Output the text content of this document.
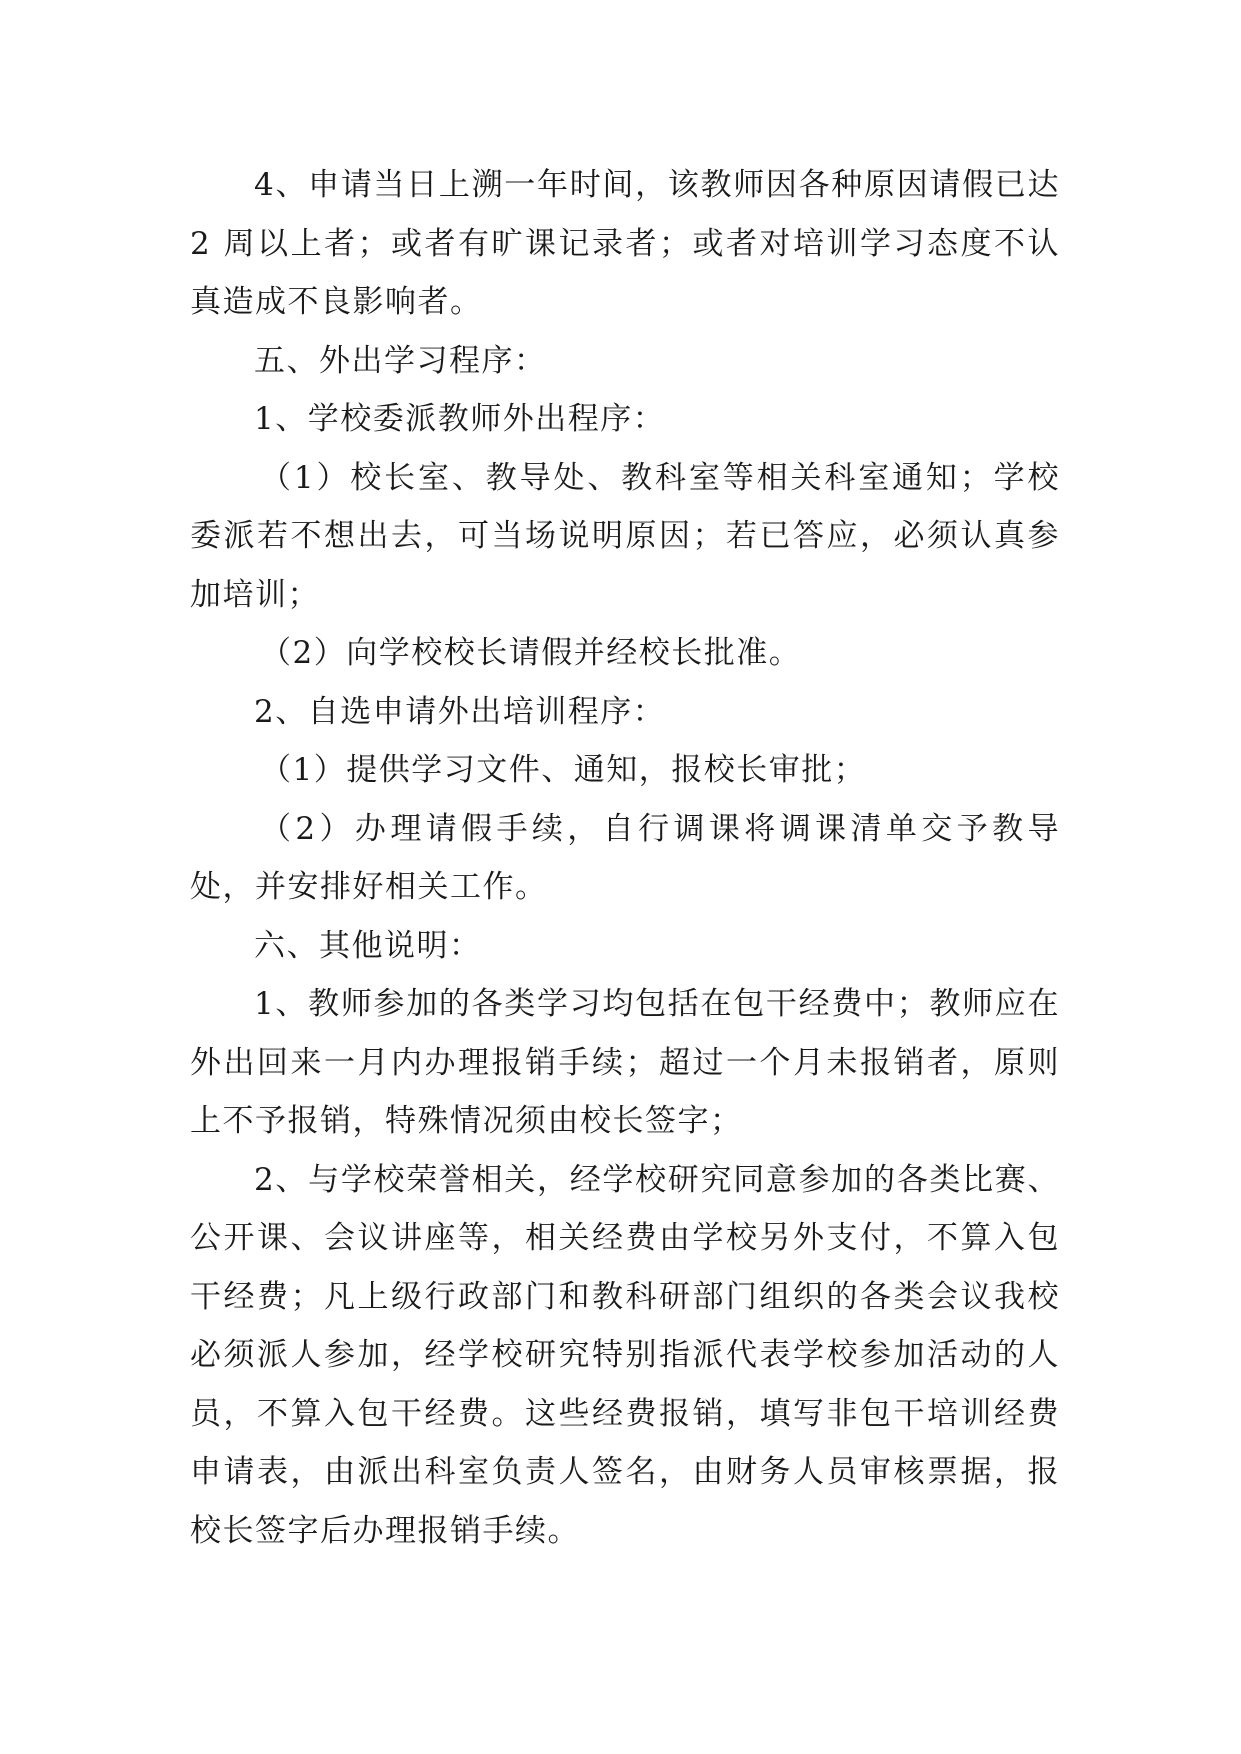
4、申请当日上溯一年时间，该教师因各种原因请假已达 2 周以上者；或者有旷课记录者；或者对培训学习态度不认真造成不良影响者。

五、外出学习程序：

1、学校委派教师外出程序：

（1）校长室、教导处、教科室等相关科室通知；学校委派若不想出去，可当场说明原因；若已答应，必须认真参加培训；

（2）向学校校长请假并经校长批准。

2、自选申请外出培训程序：

（1）提供学习文件、通知，报校长审批；

（2）办理请假手续，自行调课将调课清单交予教导处，并安排好相关工作。

六、其他说明：

1、教师参加的各类学习均包括在包干经费中；教师应在外出回来一月内办理报销手续；超过一个月未报销者，原则上不予报销，特殊情况须由校长签字；

2、与学校荣誉相关，经学校研究同意参加的各类比赛、公开课、会议讲座等，相关经费由学校另外支付，不算入包干经费；凡上级行政部门和教科研部门组织的各类会议我校必须派人参加，经学校研究特别指派代表学校参加活动的人员，不算入包干经费。这些经费报销，填写非包干培训经费申请表，由派出科室负责人签名，由财务人员审核票据，报校长签字后办理报销手续。
